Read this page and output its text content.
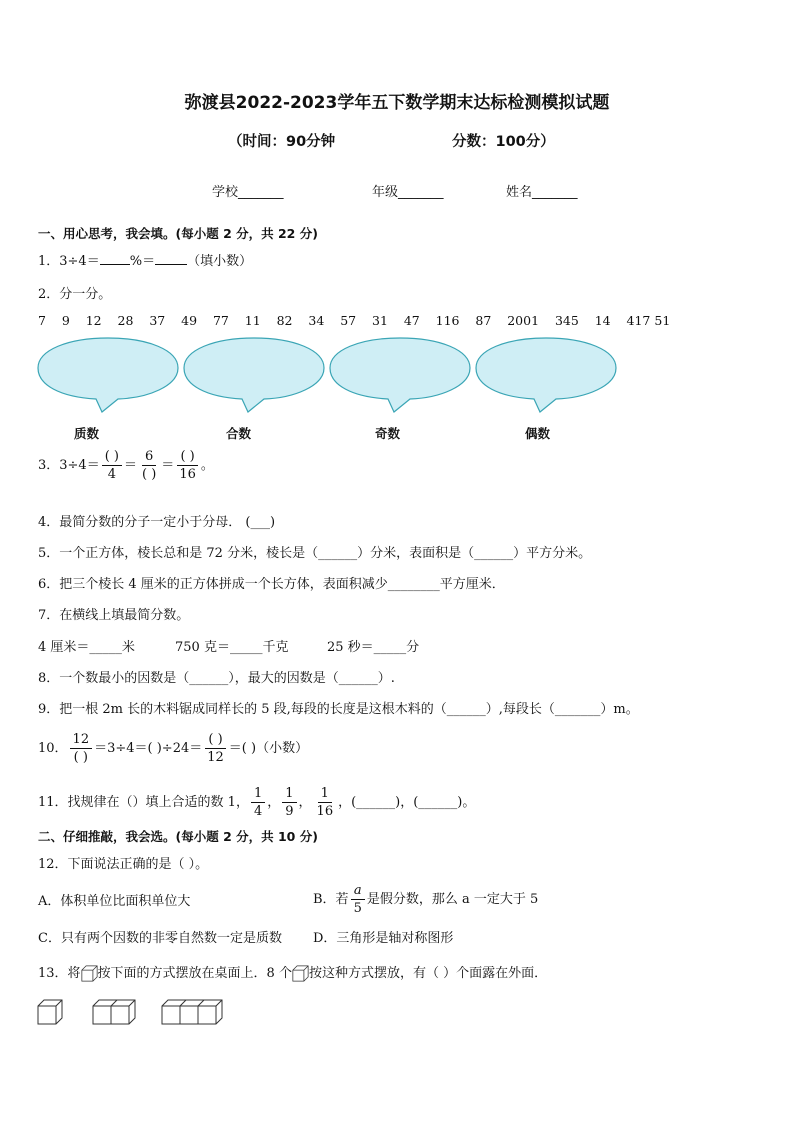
弥渡县2022-2023学年五下数学期末达标检测模拟试题
（时间：90分钟	分数：100分）
学校_______	年级_______	姓名_______
一、用心思考，我会填。(每小题 2 分，共 22 分)
1．3÷4＝ %＝ （填小数）
2．分一分。
7 9 12 28 37 49 77 11 82 34 57 31 47 116 87 2001 345 14 417 51
质数	合数	奇数	偶数
3．$3\div 4= \frac{( )}{4} = \frac{6}{( )} = \frac{( )}{16}$ 。
4．最简分数的分子一定小于分母． (___)
5．一个正方体，棱长总和是 72 分米，棱长是（______）分米，表面积是（______）平方分米。
6．把三个棱长 4 厘米的正方体拼成一个长方体，表面积减少________平方厘米．
7．在横线上填最简分数。
4 厘米＝_____米	750 克＝_____千克	25 秒＝_____分
8．一个数最小的因数是（______），最大的因数是（______）.
9．把一根 2m 长的木料锯成同样长的 5 段,每段的长度是这根木料的（______）,每段长（_______）m。
10． $\frac{12}{( )} =3\div 4=$( )$\div 24= \frac{( )}{12}$ ＝( )（小数）
11．找规律在（）填上合适的数 1， $\frac{1}{4}$ ， $\frac{1}{9}$ ， $\frac{1}{16}$ ，(______)，(______)。
二、仔细推敲，我会选。(每小题 2 分，共 10 分)
12．下面说法正确的是（ ）。
A．体积单位比面积单位大	B．若 $\frac{a}{5}$ 是假分数，那么 a 一定大于 5
C．只有两个因数的非零自然数一定是质数 D．三角形是轴对称图形
13．将 按下面的方式摆放在桌面上．8 个 按这种方式摆放，有（ ）个面露在外面．
